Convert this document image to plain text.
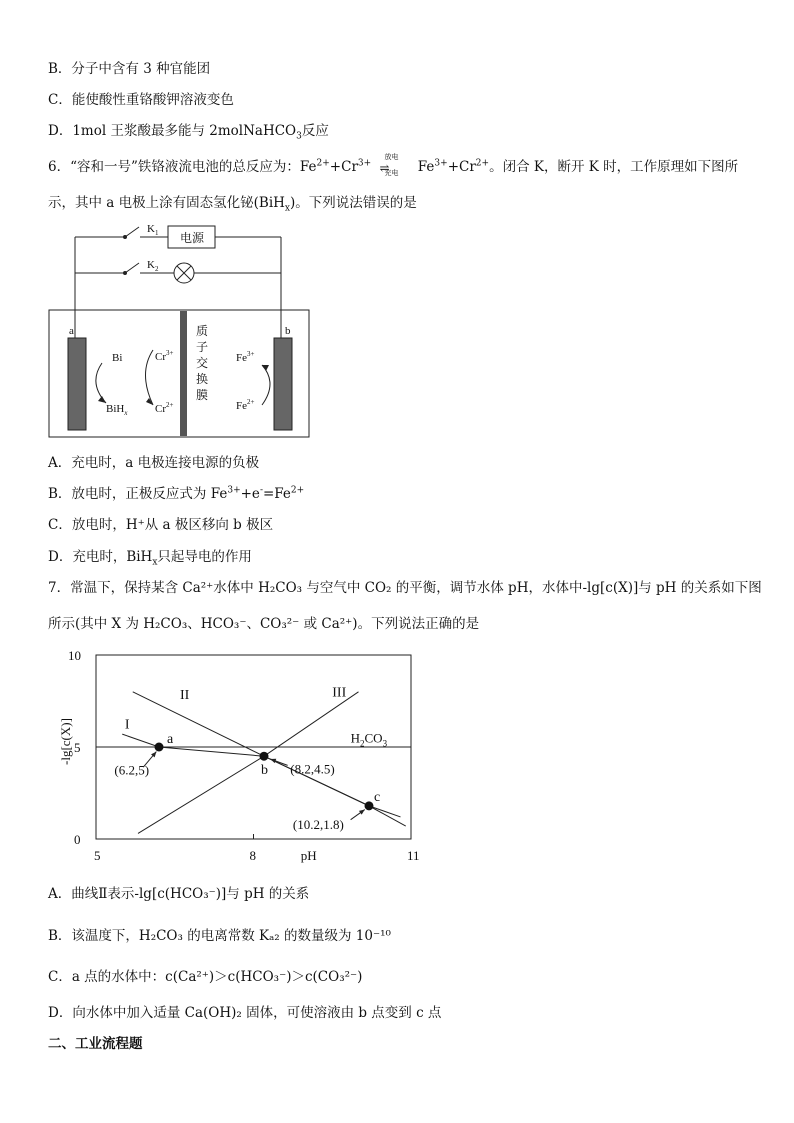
B．分子中含有 3 种官能团
C．能使酸性重铬酸钾溶液变色
D．1mol 王浆酸最多能与 2molNaHCO$_3$反应
6．“容和一号”铁铬液流电池的总反应为：$Fe^{2+}+Cr^{3+}$
放电
⇌
充电 $Fe^{3+}+Cr^{2+}$。闭合 K，断开 K 时，工作原理如下图所
示，其中 a 电极上涂有固态氢化铋(BiH$_x$)。下列说法错误的是
$K_1$
$K_2$
电源
a	b
质
子
交
换
膜
Bi
BiH$_x$
$Cr^{3+}$
$Cr^{2+}$
$Fe^{3+}$
$Fe^{2+}$
A．充电时，a 电极连接电源的负极
B．放电时，正极反应式为 $Fe^{3+}+e^-=Fe^{2+}$
C．放电时，H⁺从 a 极区移向 b 极区
D．充电时，BiH$_x$只起导电的作用
7．常温下，保持某含 Ca²⁺水体中 H₂CO₃ 与空气中 CO₂ 的平衡，调节水体 pH，水体中-lg[c(X)]与 pH 的关系如下图
所示(其中 X 为 H₂CO₃、HCO₃⁻、CO₃²⁻ 或 Ca²⁺)。下列说法正确的是
5	8	11
0
5
10
pH
-lg[c(X)]	I
II	III
$H_2CO_3$
a
b
c
(6.2,5)	(8.2,4.5)
(10.2,1.8)
A．曲线Ⅱ表示-lg[c(HCO₃⁻)]与 pH 的关系
B．该温度下，H₂CO₃ 的电离常数 Kₐ₂ 的数量级为 10⁻¹⁰
C．a 点的水体中：c(Ca²⁺)＞c(HCO₃⁻)＞c(CO₃²⁻)
D．向水体中加入适量 Ca(OH)₂ 固体，可使溶液由 b 点变到 c 点
二、工业流程题
